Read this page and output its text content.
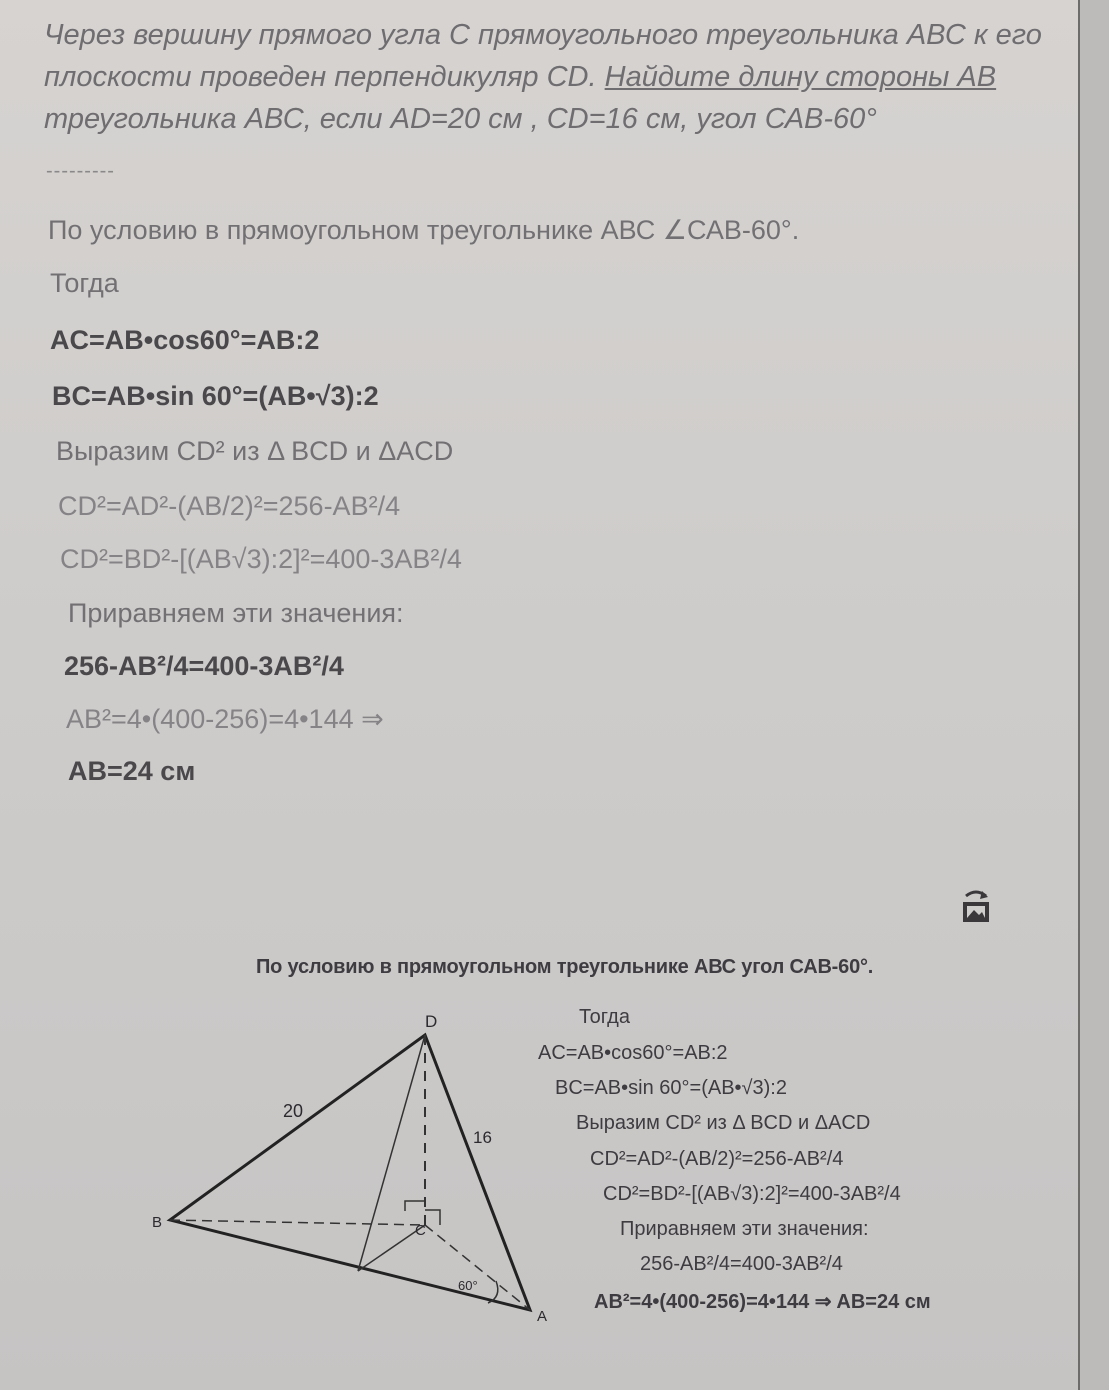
Через вершину прямого угла С прямоугольного треугольника АВС к его плоскости проведен перпендикуляр CD. Найдите длину стороны АВ треугольника АВС, если AD=20 см , CD=16 см, угол САВ-60°
---------
По условию в прямоугольном треугольнике АВС ∠САВ-60°.
Тогда
AC=AB•cos60°=AB:2
BC=AB•sin 60°=(AB•√3):2
Выразим CD² из Δ BCD и ΔACD
CD²=AD²-(AB/2)²=256-AB²/4
CD²=BD²-[(AB√3):2]²=400-3AB²/4
Приравняем эти значения:
256-AB²/4=400-3AB²/4
AB²=4•(400-256)=4•144 ⇒
AB=24 см
По условию в прямоугольном треугольнике АВС угол САВ-60°.
D
B	C
A
20
16
60°
Тогда
AC=AB•cos60°=AB:2
BC=AB•sin 60°=(AB•√3):2
Выразим CD² из Δ BCD и ΔACD
CD²=AD²-(AB/2)²=256-AB²/4
CD²=BD²-[(AB√3):2]²=400-3AB²/4
Приравняем эти значения:
256-AB²/4=400-3AB²/4
AB²=4•(400-256)=4•144 ⇒ AB=24 см
